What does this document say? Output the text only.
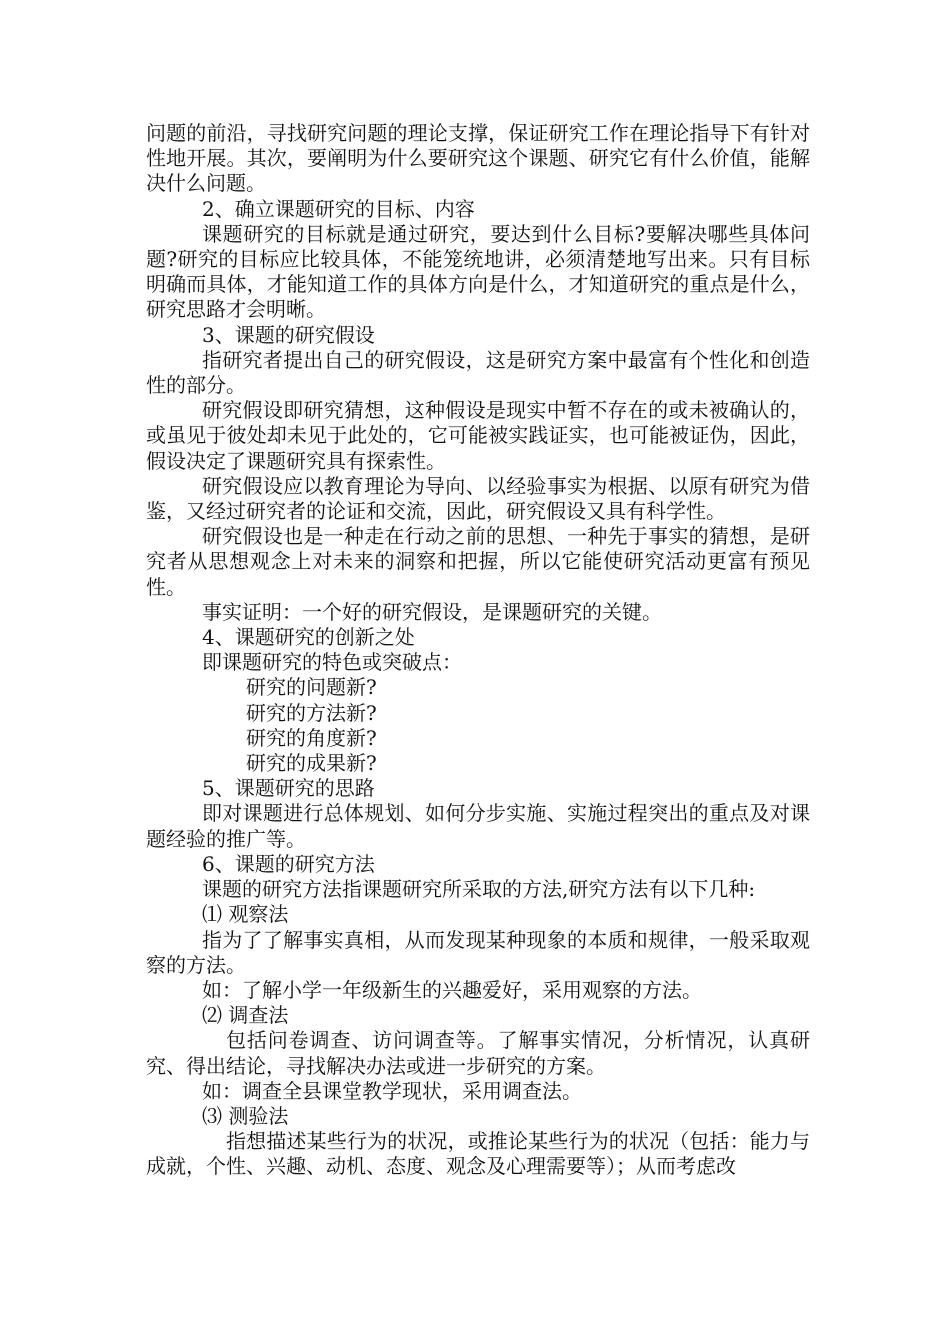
问题的前沿，寻找研究问题的理论支撑，保证研究工作在理论指导下有针对性地开展。其次，要阐明为什么要研究这个课题、研究它有什么价值，能解决什么问题。

2、确立课题研究的目标、内容

课题研究的目标就是通过研究，要达到什么目标?要解决哪些具体问题?研究的目标应比较具体，不能笼统地讲，必须清楚地写出来。只有目标明确而具体，才能知道工作的具体方向是什么，才知道研究的重点是什么，研究思路才会明晰。

3、课题的研究假设

指研究者提出自己的研究假设，这是研究方案中最富有个性化和创造性的部分。

研究假设即研究猜想，这种假设是现实中暂不存在的或未被确认的，或虽见于彼处却未见于此处的，它可能被实践证实，也可能被证伪，因此，假设决定了课题研究具有探索性。

研究假设应以教育理论为导向、以经验事实为根据、以原有研究为借鉴，又经过研究者的论证和交流，因此，研究假设又具有科学性。

研究假设也是一种走在行动之前的思想、一种先于事实的猜想，是研究者从思想观念上对未来的洞察和把握，所以它能使研究活动更富有预见性。

事实证明：一个好的研究假设，是课题研究的关键。

4、课题研究的创新之处

即课题研究的特色或突破点：

研究的问题新?

研究的方法新?

研究的角度新?

研究的成果新?

5、课题研究的思路

即对课题进行总体规划、如何分步实施、实施过程突出的重点及对课题经验的推广等。

6、课题的研究方法

课题的研究方法指课题研究所采取的方法,研究方法有以下几种:

⑴ 观察法

指为了了解事实真相，从而发现某种现象的本质和规律，一般采取观察的方法。

如：了解小学一年级新生的兴趣爱好，采用观察的方法。

⑵ 调查法

包括问卷调查、访问调查等。了解事实情况，分析情况，认真研究、得出结论，寻找解决办法或进一步研究的方案。

如：调查全县课堂教学现状，采用调查法。

⑶ 测验法

指想描述某些行为的状况，或推论某些行为的状况（包括：能力与成就，个性、兴趣、动机、态度、观念及心理需要等）；从而考虑改
